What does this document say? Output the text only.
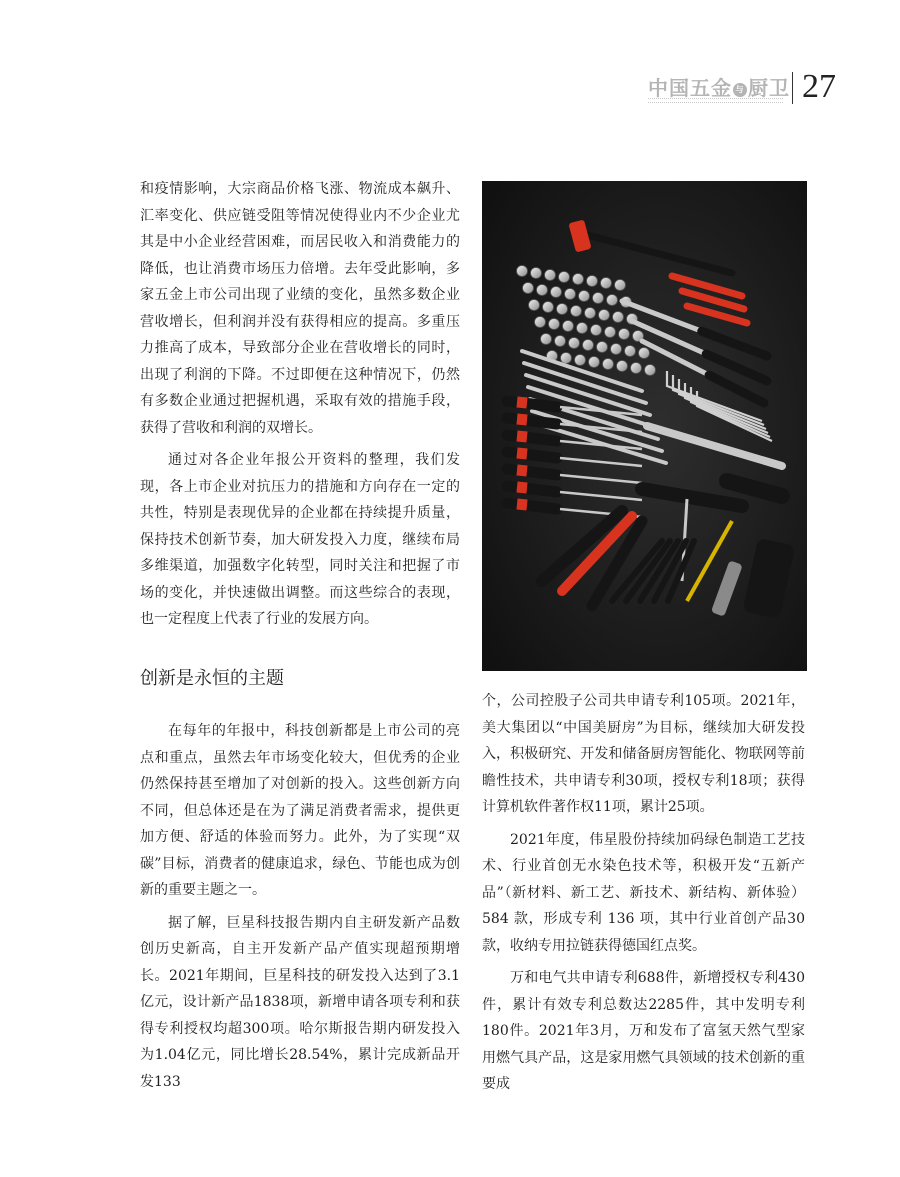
中国五金 与 厨卫 27

和疫情影响，大宗商品价格飞涨、物流成本飙升、汇率变化、供应链受阻等情况使得业内不少企业尤其是中小企业经营困难，而居民收入和消费能力的降低，也让消费市场压力倍增。去年受此影响，多家五金上市公司出现了业绩的变化，虽然多数企业营收增长，但利润并没有获得相应的提高。多重压力推高了成本，导致部分企业在营收增长的同时，出现了利润的下降。不过即便在这种情况下，仍然有多数企业通过把握机遇，采取有效的措施手段，获得了营收和利润的双增长。

通过对各企业年报公开资料的整理，我们发现，各上市企业对抗压力的措施和方向存在一定的共性，特别是表现优异的企业都在持续提升质量，保持技术创新节奏，加大研发投入力度，继续布局多维渠道，加强数字化转型，同时关注和把握了市场的变化，并快速做出调整。而这些综合的表现，也一定程度上代表了行业的发展方向。

创新是永恒的主题

在每年的年报中，科技创新都是上市公司的亮点和重点，虽然去年市场变化较大，但优秀的企业仍然保持甚至增加了对创新的投入。这些创新方向不同，但总体还是在为了满足消费者需求，提供更加方便、舒适的体验而努力。此外，为了实现“双碳”目标，消费者的健康追求，绿色、节能也成为创新的重要主题之一。

据了解，巨星科技报告期内自主研发新产品数创历史新高，自主开发新产品产值实现超预期增长。2021年期间，巨星科技的研发投入达到了3.1亿元，设计新产品1838项，新增申请各项专利和获得专利授权均超300项。哈尔斯报告期内研发投入为1.04亿元，同比增长28.54%，累计完成新品开发133

个，公司控股子公司共申请专利105项。2021年，美大集团以“中国美厨房”为目标，继续加大研发投入，积极研究、开发和储备厨房智能化、物联网等前瞻性技术，共申请专利30项，授权专利18项；获得计算机软件著作权11项，累计25项。

2021年度，伟星股份持续加码绿色制造工艺技术、行业首创无水染色技术等，积极开发“五新产品”（新材料、新工艺、新技术、新结构、新体验）584 款，形成专利 136 项，其中行业首创产品30 款，收纳专用拉链获得德国红点奖。

万和电气共申请专利688件，新增授权专利430件，累计有效专利总数达2285件，其中发明专利180件。2021年3月，万和发布了富氢天然气型家用燃气具产品，这是家用燃气具领域的技术创新的重要成
